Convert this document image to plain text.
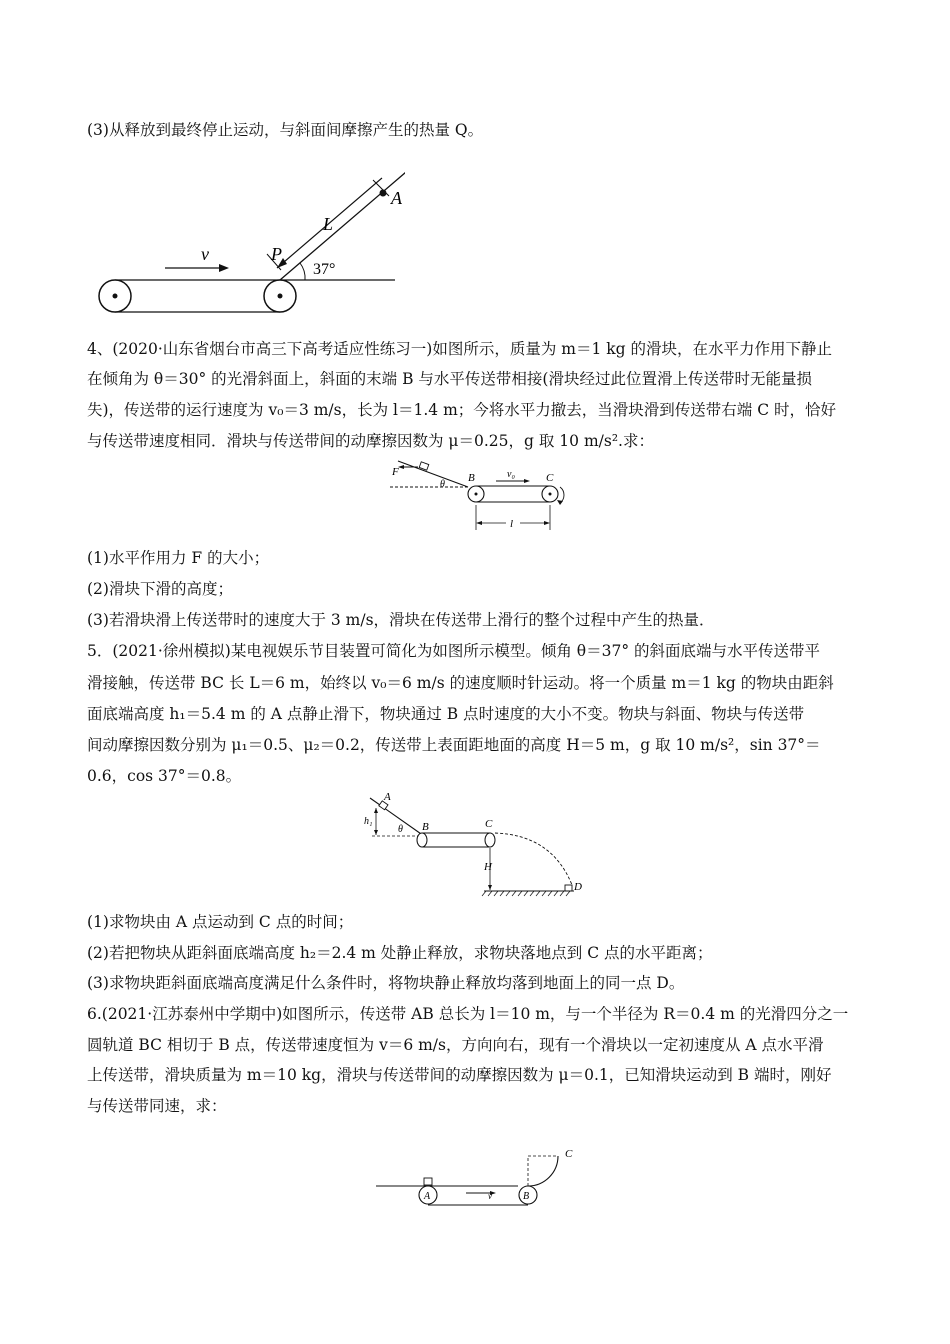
(3)从释放到最终停止运动，与斜面间摩擦产生的热量 Q。
v
L
A
P
37°
4、(2020·山东省烟台市高三下高考适应性练习一)如图所示，质量为 m＝1 kg 的滑块，在水平力作用下静止
在倾角为 θ＝30° 的光滑斜面上，斜面的末端 B 与水平传送带相接(滑块经过此位置滑上传送带时无能量损
失)，传送带的运行速度为 v₀＝3 m/s，长为 l＝1.4 m；今将水平力撤去，当滑块滑到传送带右端 C 时，恰好
与传送带速度相同．滑块与传送带间的动摩擦因数为 μ＝0.25，g 取 10 m/s².求：
F
θ
B	v₀	C
l
(1)水平作用力 F 的大小；
(2)滑块下滑的高度；
(3)若滑块滑上传送带时的速度大于 3 m/s，滑块在传送带上滑行的整个过程中产生的热量．
5．(2021·徐州模拟)某电视娱乐节目装置可简化为如图所示模型。倾角 θ＝37° 的斜面底端与水平传送带平
滑接触，传送带 BC 长 L＝6 m，始终以 v₀＝6 m/s 的速度顺时针运动。将一个质量 m＝1 kg 的物块由距斜
面底端高度 h₁＝5.4 m 的 A 点静止滑下，物块通过 B 点时速度的大小不变。物块与斜面、物块与传送带
间动摩擦因数分别为 μ₁＝0.5、μ₂＝0.2，传送带上表面距地面的高度 H＝5 m，g 取 10 m/s²，sin 37°＝
0.6，cos 37°＝0.8。
A
h₁
θ B	C
H
D
(1)求物块由 A 点运动到 C 点的时间；
(2)若把物块从距斜面底端高度 h₂＝2.4 m 处静止释放，求物块落地点到 C 点的水平距离；
(3)求物块距斜面底端高度满足什么条件时，将物块静止释放均落到地面上的同一点 D。
6.(2021·江苏泰州中学期中)如图所示，传送带 AB 总长为 l＝10 m，与一个半径为 R＝0.4 m 的光滑四分之一
圆轨道 BC 相切于 B 点，传送带速度恒为 v＝6 m/s，方向向右，现有一个滑块以一定初速度从 A 点水平滑
上传送带，滑块质量为 m＝10 kg，滑块与传送带间的动摩擦因数为 μ＝0.1，已知滑块运动到 B 端时，刚好
与传送带同速，求：
A	B
v
C
